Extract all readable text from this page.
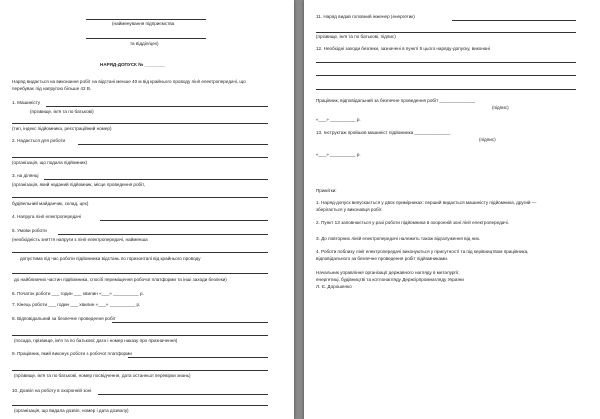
(найменування підприємства
та відділ/цех)
НАРЯД-ДОПУСК № ________
Наряд видається на виконання робіт на відстані менше 40 м від крайнього проводу лінії електропередачі, що
перебуває під напругою більше 42 В.
1. Машиністу
(прізвище, ім'я та по батькові)
(тип, індекс підйомника, реєстраційний номер)
2. Надається для роботи
(організація, що подала підйомник)
3. на ділянці
(організація, який наданий підйомник, місце проведення робіт,
будівельний майданчик, склад, цех)
4. Напруга лінії електропередачі
5. Умови роботи
(необхідність зняття напруги з лінії електропередачі, найменша
допустима під час роботи підйомника відстань по горизонталі від крайнього проводу
до найближчих частин підйомника, спосіб переміщення робочої платформи та інші заходи безпеки)
6. Початок роботи ___ годин ___ хвилин «___» __________ р.
7. Кінець роботи ___ годин ___ хвилин «___» __________ р.
8. Відповідальний за безпечне проведення робіт
(посада, прізвище, ім'я та по батькові; дата і номер наказу про призначення)
9. Працівник, який виконує роботи з робочої платформи
(прізвище, ім'я та по батькові, номер посвідчення, дата останньої перевірки знань)
10. Дозвіл на роботу в охоронній зоні
(організація, що видала дозвіл, номер і дата дозволу)
11. Наряд видав головний інженер (енергетик)
(прізвище, ім'я та по батькові, підпис)
12. Необхідні заходи безпеки, зазначені в пункті 5 цього наряду-допуску, виконані
Працівник, відповідальний за безпечне проведення робіт ______________
(підпис)
«___» __________ р.
13. Інструктаж пройшов машиніст підйомника ______________
(підпис)
«___» __________ р.
Примітки:
1. Наряд-допуск випускається у двох примірниках: перший видається машиністу підйомника, другий —
зберігається у виконавця робіт.
2. Пункт 13 заповнюється у разі роботи підйомника в охоронній зоні лінії електропередачі.
3. До повторних ліній електропередачі належить також відгалуження від них.
4. Роботи поблизу лінії електропередачі виконуються у присутності та під керівництвом працівника,
відповідального за безпечне проведення робіт підйомниками.
Начальник управління організації державного нагляду в металургії,
енергетиці, будівництві та котлонагляду Держгірпромнагляду України
Л. Є. Дорошенко
